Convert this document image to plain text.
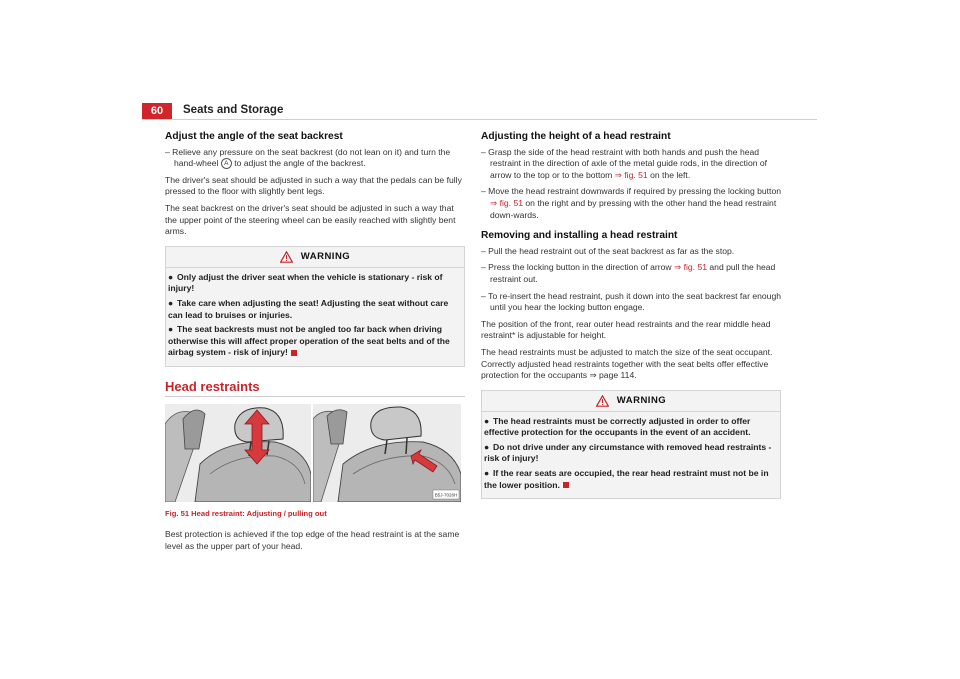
60	Seats and Storage
Adjust the angle of the seat backrest
– Relieve any pressure on the seat backrest (do not lean on it) and turn the hand-wheel A to adjust the angle of the backrest.

The driver's seat should be adjusted in such a way that the pedals can be fully pressed to the floor with slightly bent legs.

The seat backrest on the driver's seat should be adjusted in such a way that the upper point of the steering wheel can be easily reached with slightly bent arms.

WARNING
● Only adjust the driver seat when the vehicle is stationary - risk of injury!
● Take care when adjusting the seat! Adjusting the seat without care can lead to bruises or injuries.
● The seat backrests must not be angled too far back when driving otherwise this will affect proper operation of the seat belts and of the airbag system - risk of injury!
Head restraints
B5J-7026H
Fig. 51 Head restraint: Adjusting / pulling out

Best protection is achieved if the top edge of the head restraint is at the same level as the upper part of your head.

Adjusting the height of a head restraint
– Grasp the side of the head restraint with both hands and push the head restraint in the direction of axle of the metal guide rods, in the direction of arrow to the top or to the bottom ⇒ fig. 51 on the left.
– Move the head restraint downwards if required by pressing the locking button ⇒ fig. 51 on the right and by pressing with the other hand the head restraint down-wards.
Removing and installing a head restraint
– Pull the head restraint out of the seat backrest as far as the stop.
– Press the locking button in the direction of arrow ⇒ fig. 51 and pull the head restraint out.
– To re-insert the head restraint, push it down into the seat backrest far enough until you hear the locking button engage.

The position of the front, rear outer head restraints and the rear middle head restraint* is adjustable for height.

The head restraints must be adjusted to match the size of the seat occupant. Correctly adjusted head restraints together with the seat belts offer effective protection for the occupants ⇒ page 114.

WARNING
● The head restraints must be correctly adjusted in order to offer effective protection for the occupants in the event of an accident.
● Do not drive under any circumstance with removed head restraints - risk of injury!
● If the rear seats are occupied, the rear head restraint must not be in the lower position.
